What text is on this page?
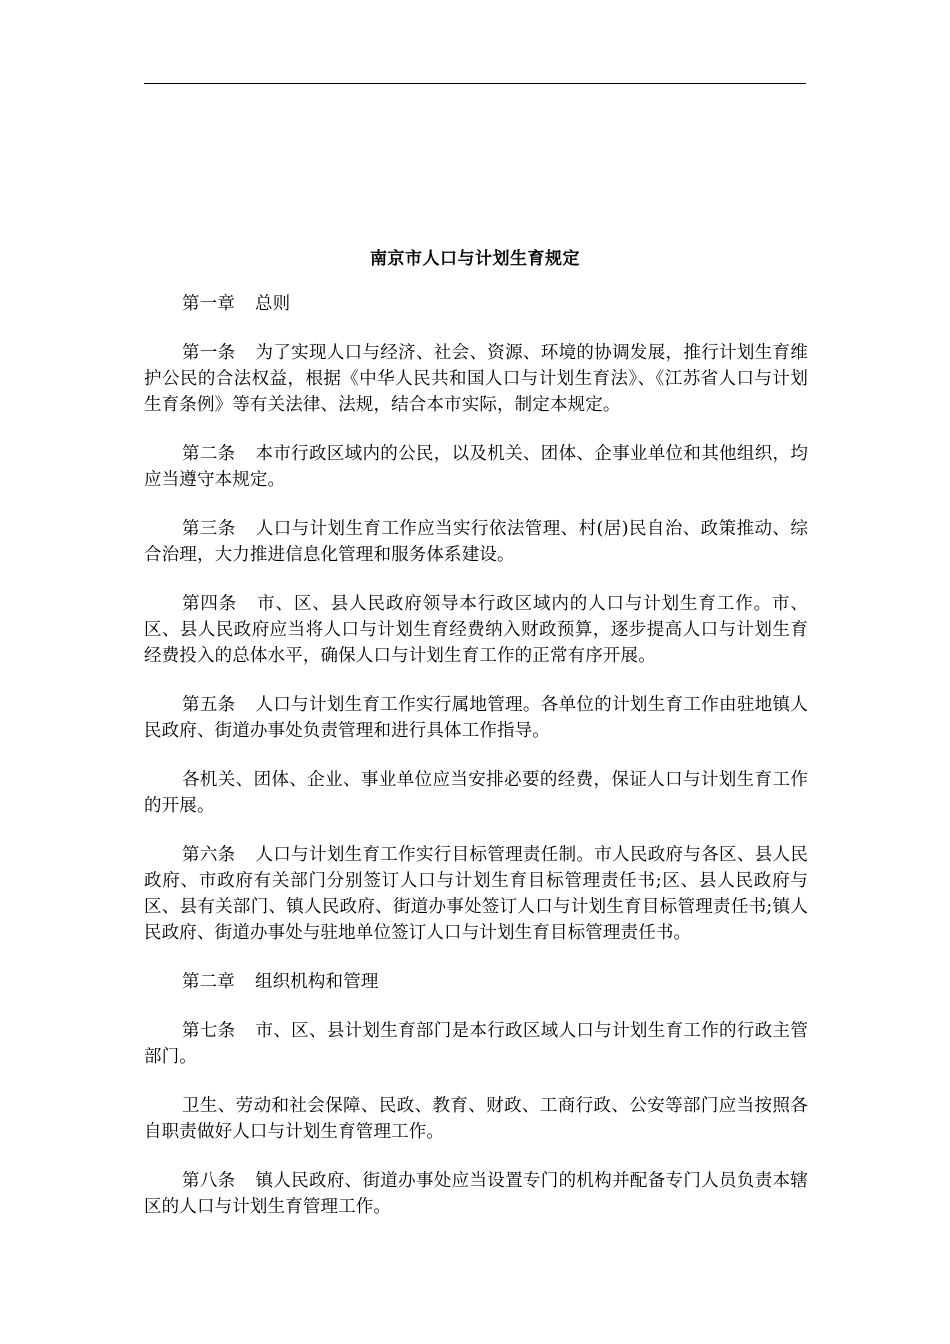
南京市人口与计划生育规定

第一章 总则

第一条 为了实现人口与经济、社会、资源、环境的协调发展，推行计划生育维护公民的合法权益，根据《中华人民共和国人口与计划生育法》、《江苏省人口与计划生育条例》等有关法律、法规，结合本市实际，制定本规定。

第二条 本市行政区域内的公民，以及机关、团体、企事业单位和其他组织，均应当遵守本规定。

第三条 人口与计划生育工作应当实行依法管理、村(居)民自治、政策推动、综合治理，大力推进信息化管理和服务体系建设。

第四条 市、区、县人民政府领导本行政区域内的人口与计划生育工作。市、区、县人民政府应当将人口与计划生育经费纳入财政预算，逐步提高人口与计划生育经费投入的总体水平，确保人口与计划生育工作的正常有序开展。

第五条 人口与计划生育工作实行属地管理。各单位的计划生育工作由驻地镇人民政府、街道办事处负责管理和进行具体工作指导。

各机关、团体、企业、事业单位应当安排必要的经费，保证人口与计划生育工作的开展。

第六条 人口与计划生育工作实行目标管理责任制。市人民政府与各区、县人民政府、市政府有关部门分别签订人口与计划生育目标管理责任书;区、县人民政府与区、县有关部门、镇人民政府、街道办事处签订人口与计划生育目标管理责任书;镇人民政府、街道办事处与驻地单位签订人口与计划生育目标管理责任书。

第二章 组织机构和管理

第七条 市、区、县计划生育部门是本行政区域人口与计划生育工作的行政主管部门。

卫生、劳动和社会保障、民政、教育、财政、工商行政、公安等部门应当按照各自职责做好人口与计划生育管理工作。

第八条 镇人民政府、街道办事处应当设置专门的机构并配备专门人员负责本辖区的人口与计划生育管理工作。
